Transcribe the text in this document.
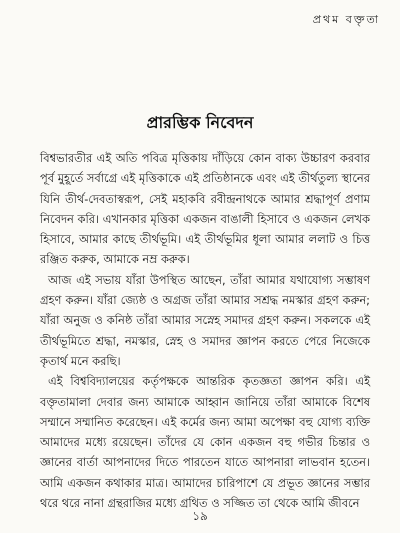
প্রথম বক্তৃতা
প্রারম্ভিক নিবেদন

বিশ্বভারতীর এই অতি পবিত্র মৃত্তিকায় দাঁড়িয়ে কোন বাক্য উচ্চারণ করবার পূর্ব মুহূর্তে সর্বাগ্রে এই মৃত্তিকাকে এই প্রতিষ্ঠানকে এবং এই তীর্থতুল্য স্থানের যিনি তীর্থ-দেবতাস্বরূপ, সেই মহাকবি রবীন্দ্রনাথকে আমার শ্রদ্ধাপূর্ণ প্রণাম নিবেদন করি। এখানকার মৃত্তিকা একজন বাঙালী হিসাবে ও একজন লেখক হিসাবে, আমার কাছে তীর্থভূমি। এই তীর্থভূমির ধূলা আমার ললাট ও চিত্ত রঞ্জিত করুক, আমাকে নম্র করুক।

আজ এই সভায় যাঁরা উপস্থিত আছেন, তাঁরা আমার যথাযোগ্য সম্ভাষণ গ্রহণ করুন। যাঁরা জ্যেষ্ঠ ও অগ্রজ তাঁরা আমার সশ্রদ্ধ নমস্কার গ্রহণ করুন; যাঁরা অনুজ ও কনিষ্ঠ তাঁরা আমার সস্নেহ সমাদর গ্রহণ করুন। সকলকে এই তীর্থভূমিতে শ্রদ্ধা, নমস্কার, স্নেহ ও সমাদর জ্ঞাপন করতে পেরে নিজেকে কৃতার্থ মনে করছি।

এই বিশ্ববিদ্যালয়ের কর্তৃপক্ষকে আন্তরিক কৃতজ্ঞতা জ্ঞাপন করি। এই বক্তৃতামালা দেবার জন্য আমাকে আহ্বান জানিয়ে তাঁরা আমাকে বিশেষ সম্মানে সম্মানিত করেছেন। এই কর্মের জন্য আমা অপেক্ষা বহু যোগ্য ব্যক্তি আমাদের মধ্যে রয়েছেন। তাঁদের যে কোন একজন বহু গভীর চিন্তার ও জ্ঞানের বার্তা আপনাদের দিতে পারতেন যাতে আপনারা লাভবান হতেন। আমি একজন কথাকার মাত্র। আমাদের চারিপাশে যে প্রভূত জ্ঞানের সম্ভার থরে থরে নানা গ্রন্থরাজির মধ্যে গ্রথিত ও সজ্জিত তা থেকে আমি জীবনে

১৯
